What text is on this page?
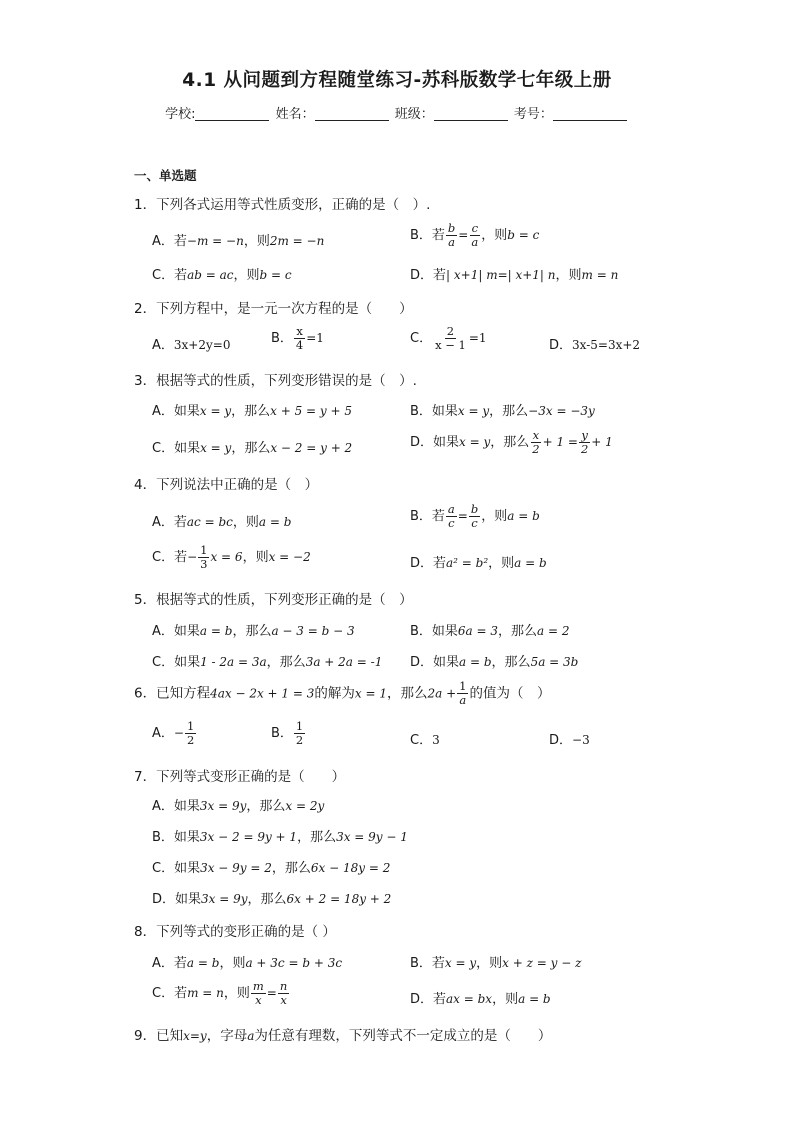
4.1 从问题到方程随堂练习-苏科版数学七年级上册
学校:	姓名：	班级：	考号：
一、单选题
1．下列各式运用等式性质变形，正确的是（　）.
A．若−m = −n，则2m = −n	B．若 $\frac{b}{a} = \frac{c}{a}$ ，则b = c
C．若ab = ac，则b = c	D．若| x+1| m=| x+1| n，则m = n
2．下列方程中，是一元一次方程的是（　　）
A．3x+2y=0	B． $\frac{x}{4} =1$	C． $\frac{2}{x - 1} =1$	D．3x-5=3x+2
3．根据等式的性质，下列变形错误的是（　）.
A．如果x = y，那么x + 5 = y + 5	B．如果x = y，那么−3x = −3y
C．如果x = y，那么x − 2 = y + 2	D．如果x = y，那么 $\frac{x}{2} + 1 = \frac{y}{2} + 1$
4．下列说法中正确的是（　）
A．若ac = bc，则a = b	B．若 $\frac{a}{c} = \frac{b}{c}$ ，则a = b
C．若− $\frac{1}{3}$ x = 6，则x = −2	D．若a² = b²，则a = b
5．根据等式的性质，下列变形正确的是（　）
A．如果a = b，那么a − 3 = b − 3	B．如果6a = 3，那么a = 2
C．如果1 - 2a = 3a，那么3a + 2a = -1 D．如果a = b，那么5a = 3b
6．已知方程4ax − 2x + 1 = 3的解为x = 1，那么$2a + \frac{1}{a}$ 的值为（　）
A．− $\frac{1}{2}$	B． $\frac{1}{2}$	C．3	D．−3
7．下列等式变形正确的是（　　）
A．如果3x = 9y，那么x = 2y
B．如果3x − 2 = 9y + 1，那么3x = 9y − 1
C．如果3x − 9y = 2，那么6x − 18y = 2
D．如果3x = 9y，那么6x + 2 = 18y + 2
8．下列等式的变形正确的是（ ）
A．若a = b，则a + 3c = b + 3c	B．若x = y，则x + z = y − z
C．若m = n，则 $\frac{m}{x} = \frac{n}{x}$	D．若ax = bx，则a = b
9．已知x=y，字母a为任意有理数，下列等式不一定成立的是（　　）
